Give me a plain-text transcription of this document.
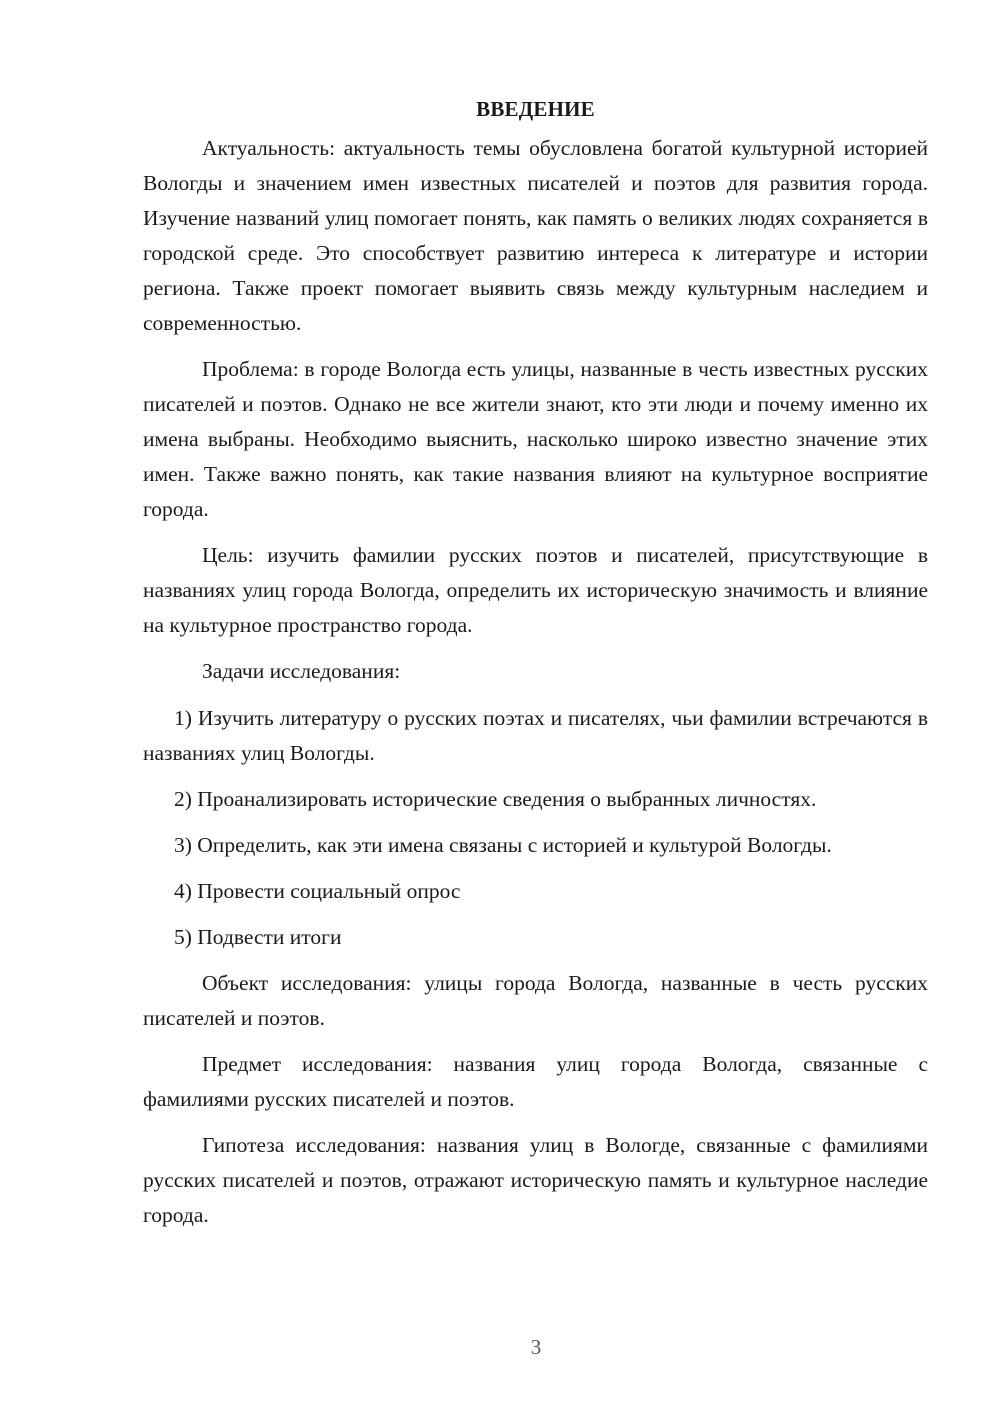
ВВЕДЕНИЕ

Актуальность: актуальность темы обусловлена богатой культурной историей Вологды и значением имен известных писателей и поэтов для развития города. Изучение названий улиц помогает понять, как память о великих людях сохраняется в городской среде. Это способствует развитию интереса к литературе и истории региона. Также проект помогает выявить связь между культурным наследием и современностью.

Проблема: в городе Вологда есть улицы, названные в честь известных русских писателей и поэтов. Однако не все жители знают, кто эти люди и почему именно их имена выбраны. Необходимо выяснить, насколько широко известно значение этих имен. Также важно понять, как такие названия влияют на культурное восприятие города.

Цель: изучить фамилии русских поэтов и писателей, присутствующие в названиях улиц города Вологда, определить их историческую значимость и влияние на культурное пространство города.

Задачи исследования:

1) Изучить литературу о русских поэтах и писателях, чьи фамилии встречаются в названиях улиц Вологды.

2) Проанализировать исторические сведения о выбранных личностях.

3) Определить, как эти имена связаны с историей и культурой Вологды.

4) Провести социальный опрос

5) Подвести итоги

Объект исследования: улицы города Вологда, названные в честь русских писателей и поэтов.

Предмет исследования: названия улиц города Вологда, связанные с фамилиями русских писателей и поэтов.

Гипотеза исследования: названия улиц в Вологде, связанные с фамилиями русских писателей и поэтов, отражают историческую память и культурное наследие города.

3
